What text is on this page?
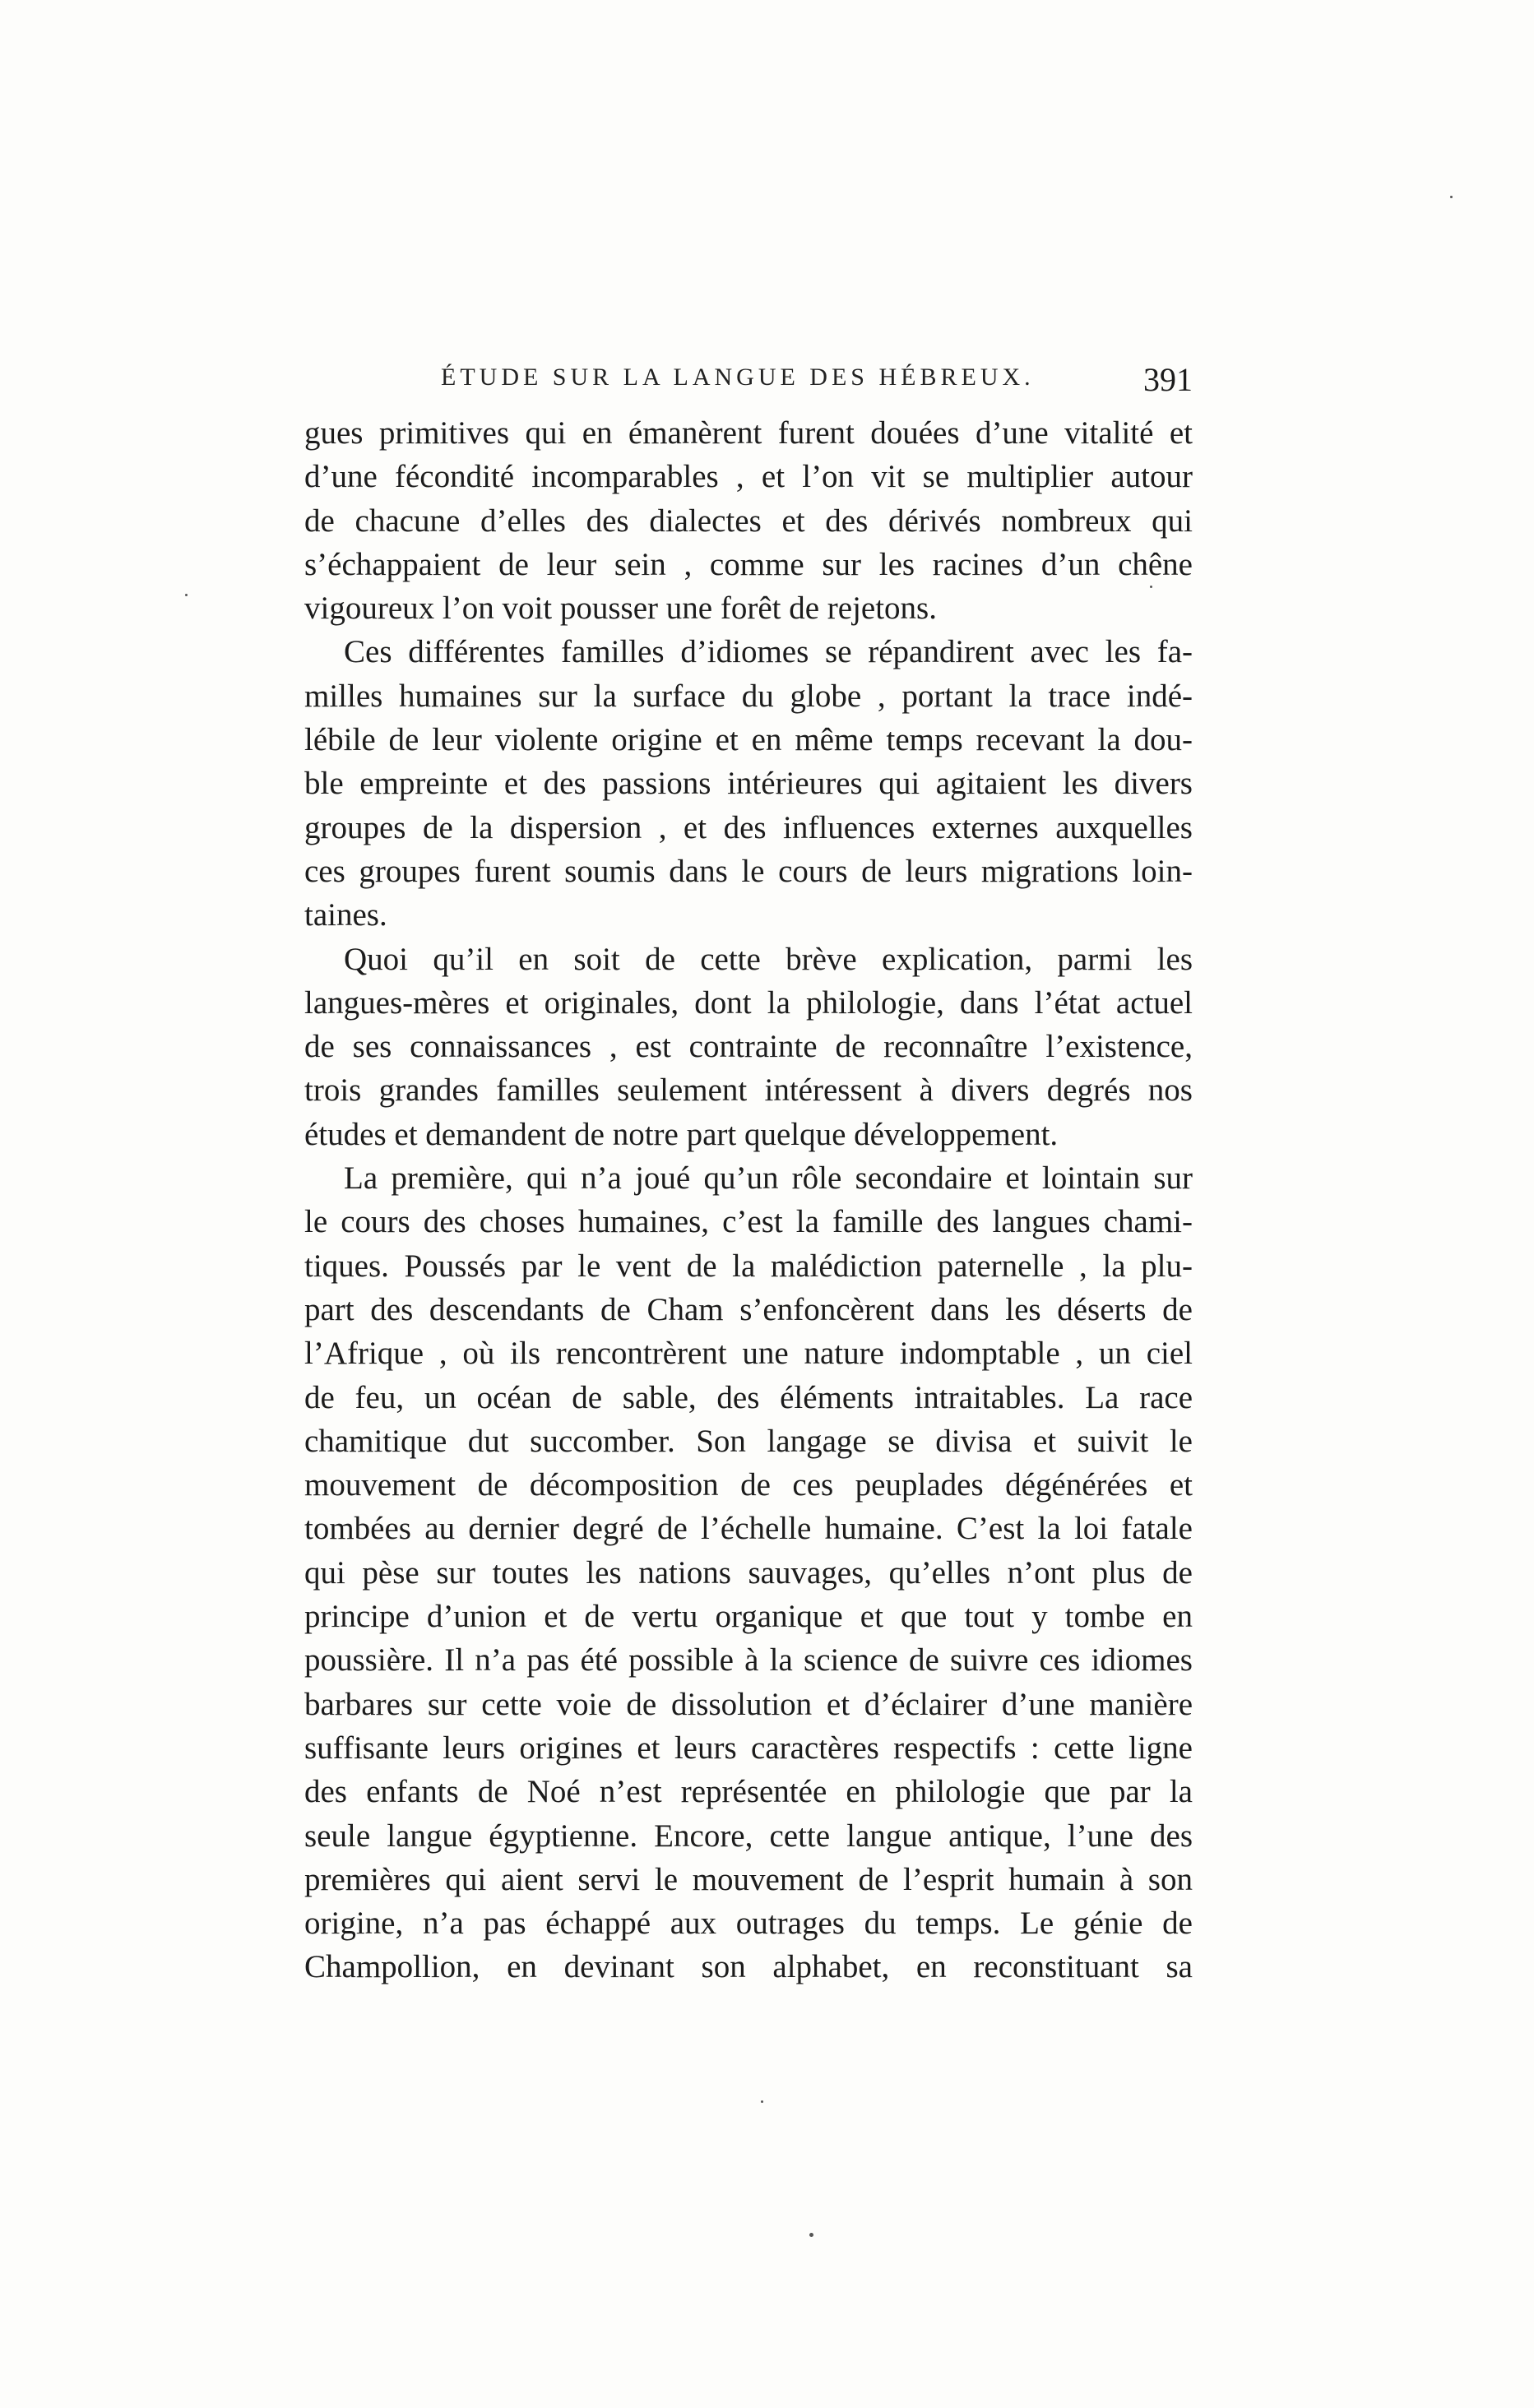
ÉTUDE SUR LA LANGUE DES HÉBREUX.	391
gues primitives qui en émanèrent furent douées d’une vitalité et
d’une fécondité incomparables , et l’on vit se multiplier autour
de chacune d’elles des dialectes et des dérivés nombreux qui
s’échappaient de leur sein , comme sur les racines d’un chêne
vigoureux l’on voit pousser une forêt de rejetons.
Ces différentes familles d’idiomes se répandirent avec les fa-
milles humaines sur la surface du globe , portant la trace indé-
lébile de leur violente origine et en même temps recevant la dou-
ble empreinte et des passions intérieures qui agitaient les divers
groupes de la dispersion , et des influences externes auxquelles
ces groupes furent soumis dans le cours de leurs migrations loin-
taines.
Quoi qu’il en soit de cette brève explication, parmi les
langues-mères et originales, dont la philologie, dans l’état actuel
de ses connaissances , est contrainte de reconnaître l’existence,
trois grandes familles seulement intéressent à divers degrés nos
études et demandent de notre part quelque développement.
La première, qui n’a joué qu’un rôle secondaire et lointain sur
le cours des choses humaines, c’est la famille des langues chami-
tiques. Poussés par le vent de la malédiction paternelle , la plu-
part des descendants de Cham s’enfoncèrent dans les déserts de
l’Afrique , où ils rencontrèrent une nature indomptable , un ciel
de feu, un océan de sable, des éléments intraitables. La race
chamitique dut succomber. Son langage se divisa et suivit le
mouvement de décomposition de ces peuplades dégénérées et
tombées au dernier degré de l’échelle humaine. C’est la loi fatale
qui pèse sur toutes les nations sauvages, qu’elles n’ont plus de
principe d’union et de vertu organique et que tout y tombe en
poussière. Il n’a pas été possible à la science de suivre ces idiomes
barbares sur cette voie de dissolution et d’éclairer d’une manière
suffisante leurs origines et leurs caractères respectifs : cette ligne
des enfants de Noé n’est représentée en philologie que par la
seule langue égyptienne. Encore, cette langue antique, l’une des
premières qui aient servi le mouvement de l’esprit humain à son
origine, n’a pas échappé aux outrages du temps. Le génie de
Champollion, en devinant son alphabet, en reconstituant sa
